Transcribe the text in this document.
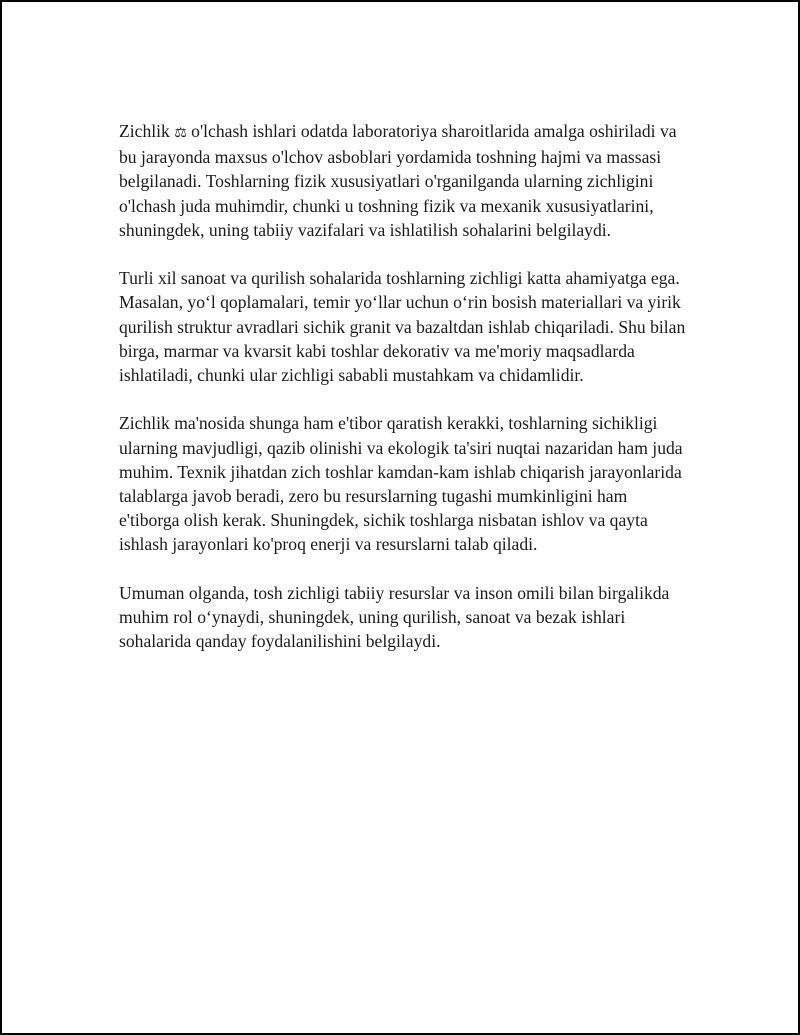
Zichlik ⚖ o'lchash ishlari odatda laboratoriya sharoitlarida amalga oshiriladi va bu jarayonda maxsus o'lchov asboblari yordamida toshning hajmi va massasi belgilanadi. Toshlarning fizik xususiyatlari o'rganilganda ularning zichligini o'lchash juda muhimdir, chunki u toshning fizik va mexanik xususiyatlarini, shuningdek, uning tabiiy vazifalari va ishlatilish sohalarini belgilaydi.

Turli xil sanoat va qurilish sohalarida toshlarning zichligi katta ahamiyatga ega. Masalan, yo‘l qoplamalari, temir yo‘llar uchun o‘rin bosish materiallari va yirik qurilish struktur avradlari sichik granit va bazaltdan ishlab chiqariladi. Shu bilan birga, marmar va kvarsit kabi toshlar dekorativ va me'moriy maqsadlarda ishlatiladi, chunki ular zichligi sababli mustahkam va chidamlidir.

Zichlik ma'nosida shunga ham e'tibor qaratish kerakki, toshlarning sichikligi ularning mavjudligi, qazib olinishi va ekologik ta'siri nuqtai nazaridan ham juda muhim. Texnik jihatdan zich toshlar kamdan-kam ishlab chiqarish jarayonlarida talablarga javob beradi, zero bu resurslarning tugashi mumkinligini ham e'tiborga olish kerak. Shuningdek, sichik toshlarga nisbatan ishlov va qayta ishlash jarayonlari ko'proq enerji va resurslarni talab qiladi.

Umuman olganda, tosh zichligi tabiiy resurslar va inson omili bilan birgalikda muhim rol o‘ynaydi, shuningdek, uning qurilish, sanoat va bezak ishlari sohalarida qanday foydalanilishini belgilaydi.
